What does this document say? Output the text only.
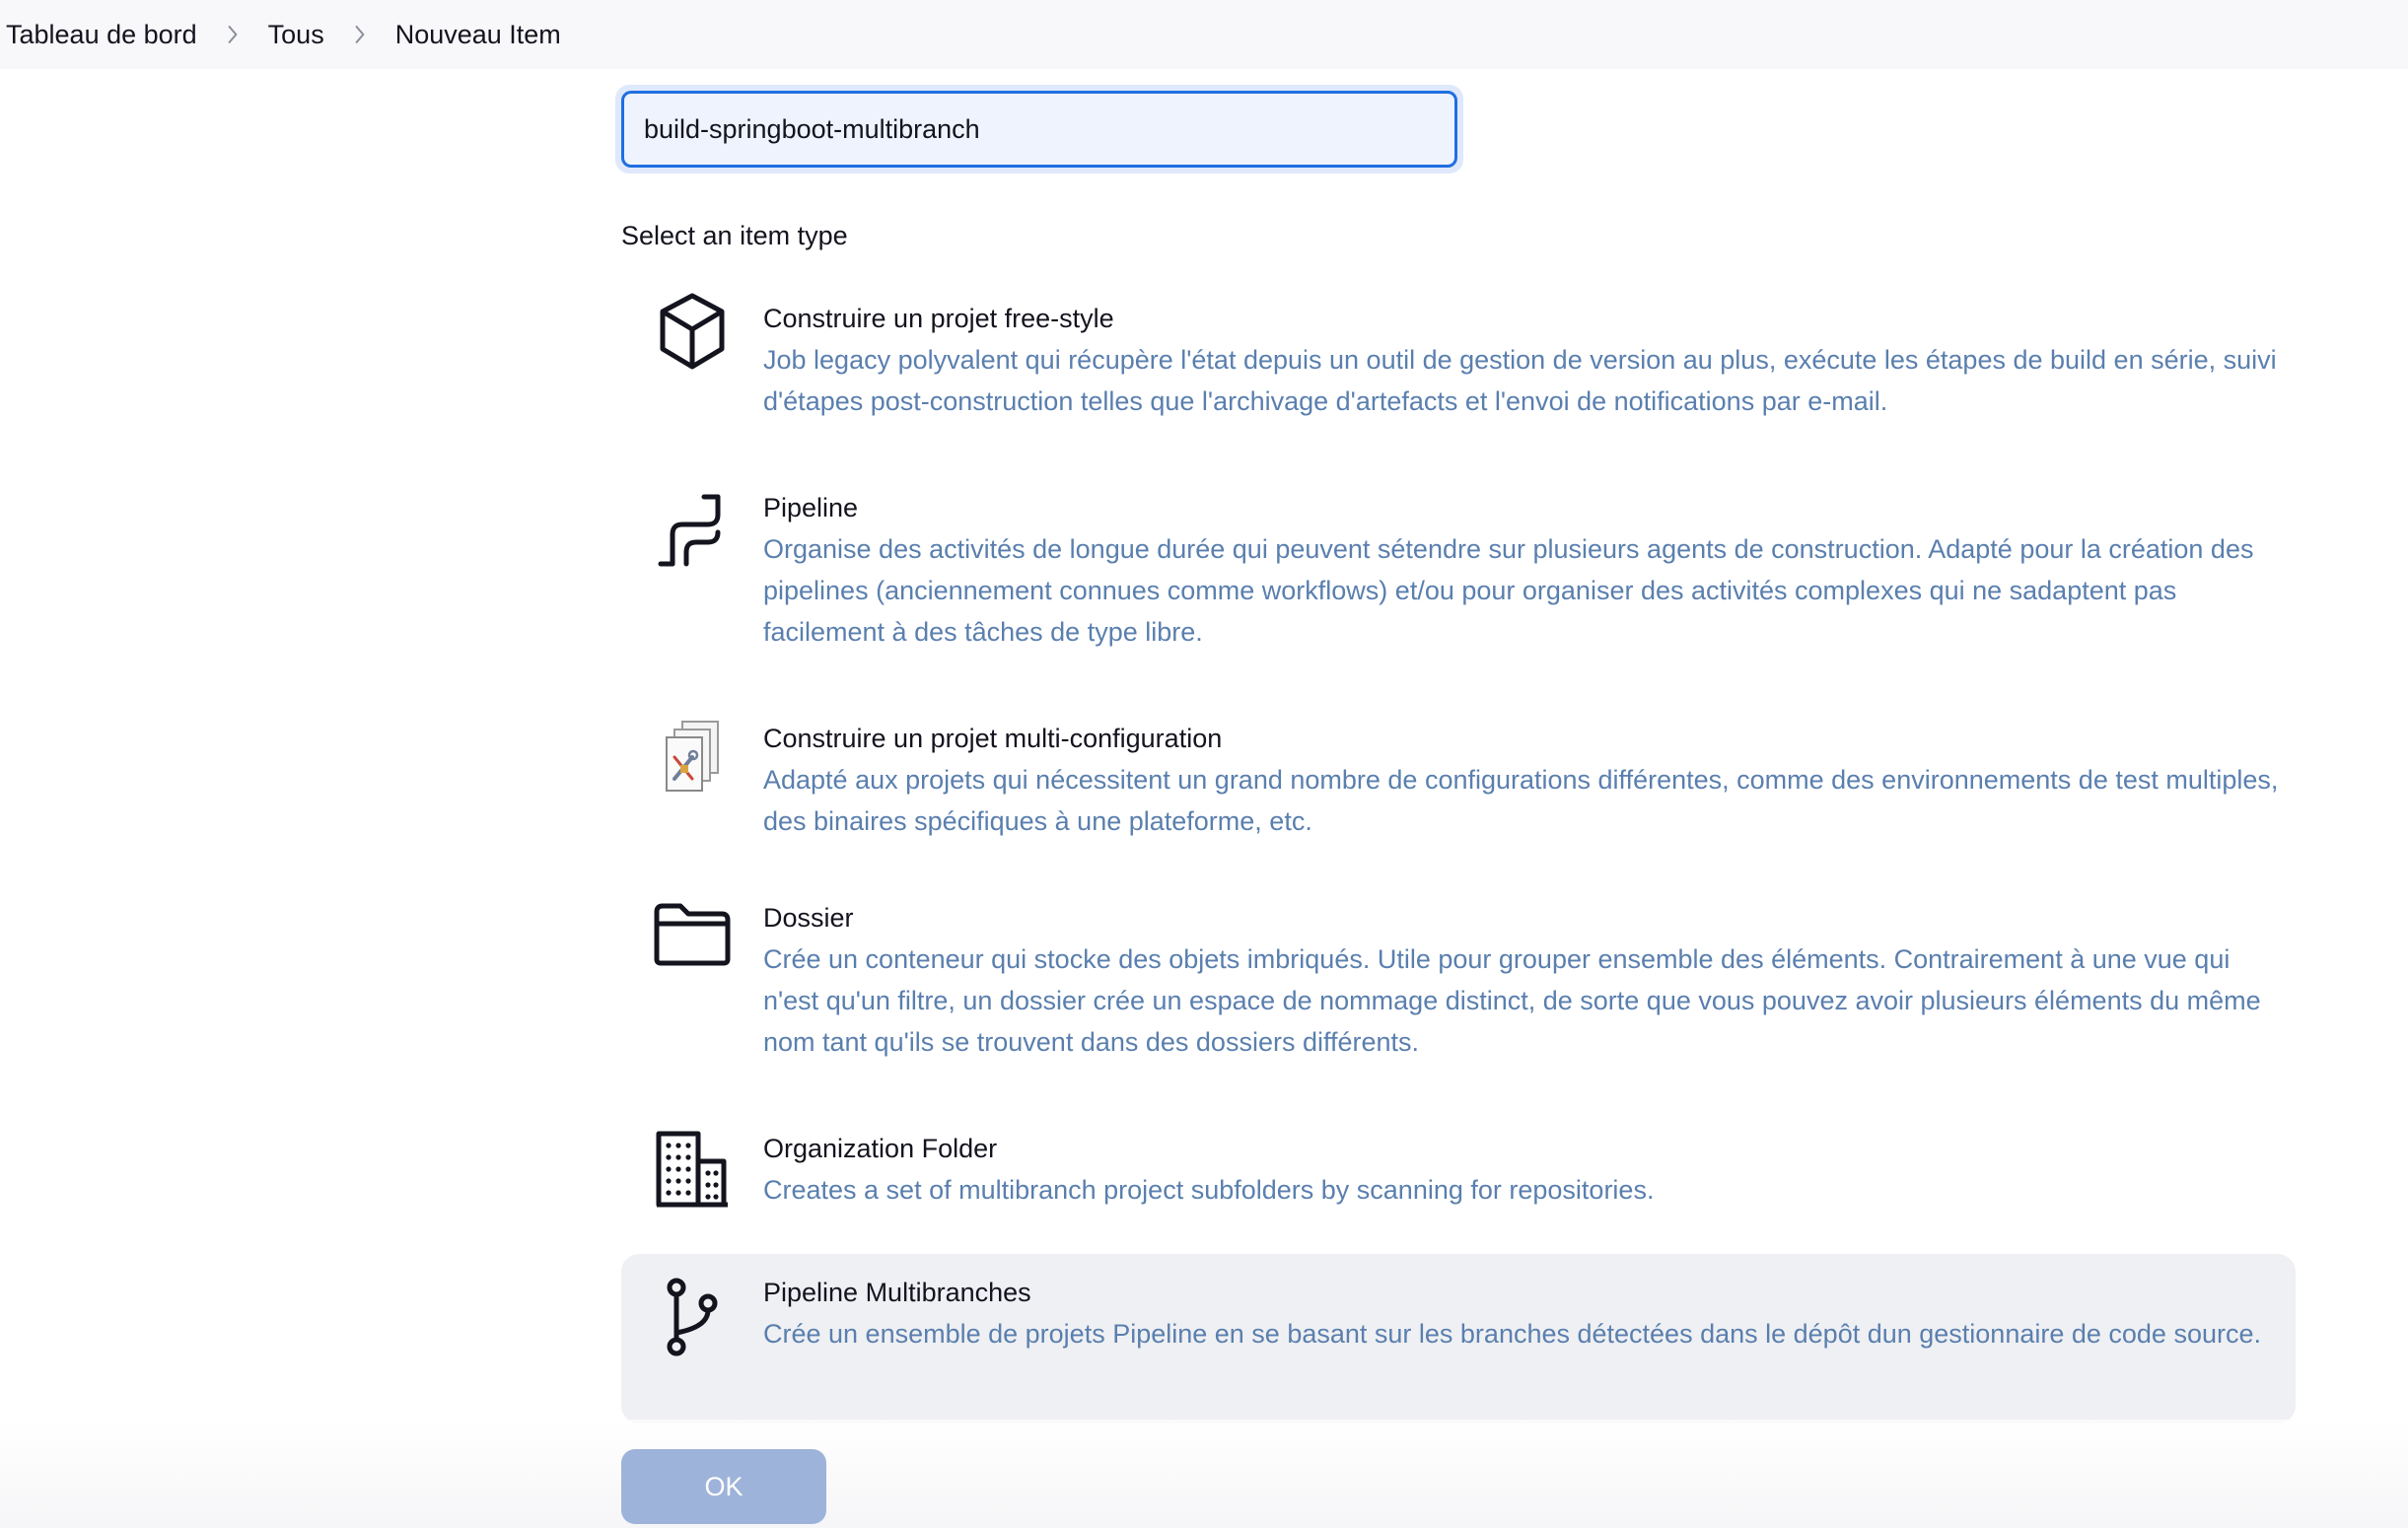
Tableau de bord	Tous	Nouveau Item
build-springboot-multibranch
Select an item type
Construire un projet free-style
Job legacy polyvalent qui récupère l'état depuis un outil de gestion de version au plus, exécute les étapes de build en série, suivi d'étapes post-construction telles que l'archivage d'artefacts et l'envoi de notifications par e-mail.
Pipeline
Organise des activités de longue durée qui peuvent sétendre sur plusieurs agents de construction. Adapté pour la création des pipelines (anciennement connues comme workflows) et/ou pour organiser des activités complexes qui ne sadaptent pas facilement à des tâches de type libre.
Construire un projet multi-configuration
Adapté aux projets qui nécessitent un grand nombre de configurations différentes, comme des environnements de test multiples, des binaires spécifiques à une plateforme, etc.
Dossier
Crée un conteneur qui stocke des objets imbriqués. Utile pour grouper ensemble des éléments. Contrairement à une vue qui n'est qu'un filtre, un dossier crée un espace de nommage distinct, de sorte que vous pouvez avoir plusieurs éléments du même nom tant qu'ils se trouvent dans des dossiers différents.
Organization Folder
Creates a set of multibranch project subfolders by scanning for repositories.
Pipeline Multibranches
Crée un ensemble de projets Pipeline en se basant sur les branches détectées dans le dépôt dun gestionnaire de code source.
OK
